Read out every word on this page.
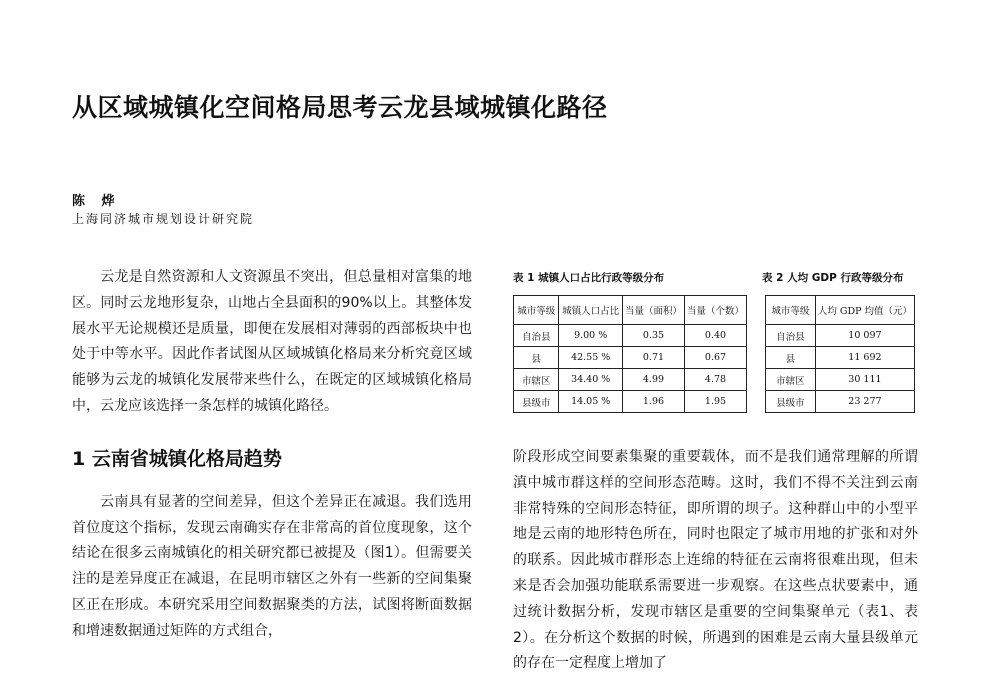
从区域城镇化空间格局思考云龙县域城镇化路径
陈 烨
上海同济城市规划设计研究院

云龙是自然资源和人文资源虽不突出，但总量相对富集的地区。同时云龙地形复杂，山地占全县面积的90%以上。其整体发展水平无论规模还是质量，即便在发展相对薄弱的西部板块中也处于中等水平。因此作者试图从区域城镇化格局来分析究竟区域能够为云龙的城镇化发展带来些什么，在既定的区域城镇化格局中，云龙应该选择一条怎样的城镇化路径。

1 云南省城镇化格局趋势

云南具有显著的空间差异，但这个差异正在减退。我们选用首位度这个指标，发现云南确实存在非常高的首位度现象，这个结论在很多云南城镇化的相关研究都已被提及（图1）。但需要关注的是差异度正在减退，在昆明市辖区之外有一些新的空间集聚区正在形成。本研究采用空间数据聚类的方法，试图将断面数据和增速数据通过矩阵的方式组合，

表 1 城镇人口占比行政等级分布
城市等级	城镇人口占比	当量（面积）	当量（个数）
自治县	9.00 %	0.35	0.40
县	42.55 %	0.71	0.67
市辖区	34.40 %	4.99	4.78
县级市	14.05 %	1.96	1.95
表 2 人均 GDP 行政等级分布
城市等级	人均 GDP 均值（元）
自治县	10 097
县	11 692
市辖区	30 111
县级市	23 277

阶段形成空间要素集聚的重要载体，而不是我们通常理解的所谓滇中城市群这样的空间形态范畴。这时，我们不得不关注到云南非常特殊的空间形态特征，即所谓的坝子。这种群山中的小型平地是云南的地形特色所在，同时也限定了城市用地的扩张和对外的联系。因此城市群形态上连绵的特征在云南将很难出现，但未来是否会加强功能联系需要进一步观察。在这些点状要素中，通过统计数据分析，发现市辖区是重要的空间集聚单元（表1、表2）。在分析这个数据的时候，所遇到的困难是云南大量县级单元的存在一定程度上增加了
